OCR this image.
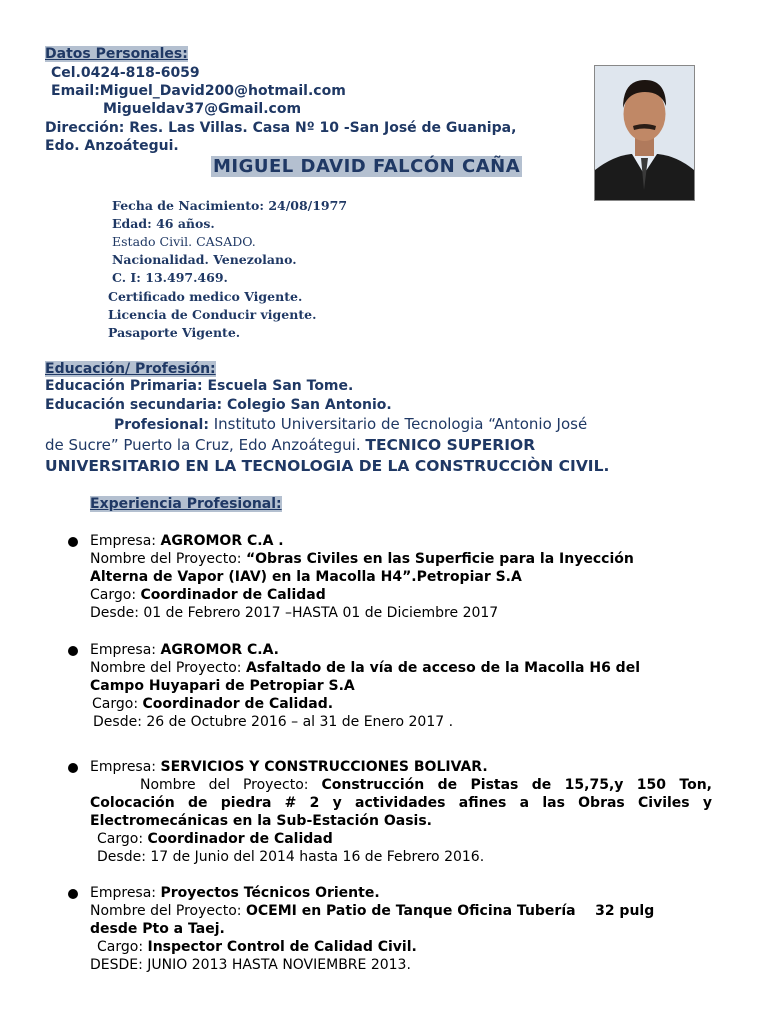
Datos Personales:
Cel.0424-818-6059
Email:Miguel_David200@hotmail.com
Migueldav37@Gmail.com
Dirección: Res. Las Villas. Casa Nº 10 -San José de Guanipa,
Edo. Anzoátegui.
MIGUEL DAVID FALCÓN CAÑA
Fecha de Nacimiento: 24/08/1977
Edad: 46 años.
Estado Civil. CASADO.
Nacionalidad. Venezolano.
C. I: 13.497.469.
Certificado medico Vigente.
Licencia de Conducir vigente.
Pasaporte Vigente.
Educación/ Profesión:
Educación Primaria: Escuela San Tome.
Educación secundaria: Colegio San Antonio.
Profesional: Instituto Universitario de Tecnologia “Antonio José
de Sucre” Puerto la Cruz, Edo Anzoátegui. TECNICO SUPERIOR
UNIVERSITARIO EN LA TECNOLOGIA DE LA CONSTRUCCIÒN CIVIL.
Experiencia Profesional:
Empresa: AGROMOR C.A .
Nombre del Proyecto: “Obras Civiles en las Superficie para la Inyección
Alterna de Vapor (IAV) en la Macolla H4”.Petropiar S.A
Cargo: Coordinador de Calidad
Desde: 01 de Febrero 2017 –HASTA 01 de Diciembre 2017
Empresa: AGROMOR C.A.
Nombre del Proyecto: Asfaltado de la vía de acceso de la Macolla H6 del
Campo Huyapari de Petropiar S.A
Cargo: Coordinador de Calidad.
Desde: 26 de Octubre 2016 – al 31 de Enero 2017 .
Empresa: SERVICIOS Y CONSTRUCCIONES BOLIVAR.
Nombre del Proyecto: Construcción de Pistas de 15,75,y 150 Ton, Colocación de piedra # 2 y actividades afines a las Obras Civiles y Electromecánicas en la Sub-Estación Oasis.
Cargo: Coordinador de Calidad
Desde: 17 de Junio del 2014 hasta 16 de Febrero 2016.
Empresa: Proyectos Técnicos Oriente.
Nombre del Proyecto: OCEMI en Patio de Tanque Oficina Tubería    32 pulg
desde Pto a Taej.
Cargo: Inspector Control de Calidad Civil.
DESDE: JUNIO 2013 HASTA NOVIEMBRE 2013.
